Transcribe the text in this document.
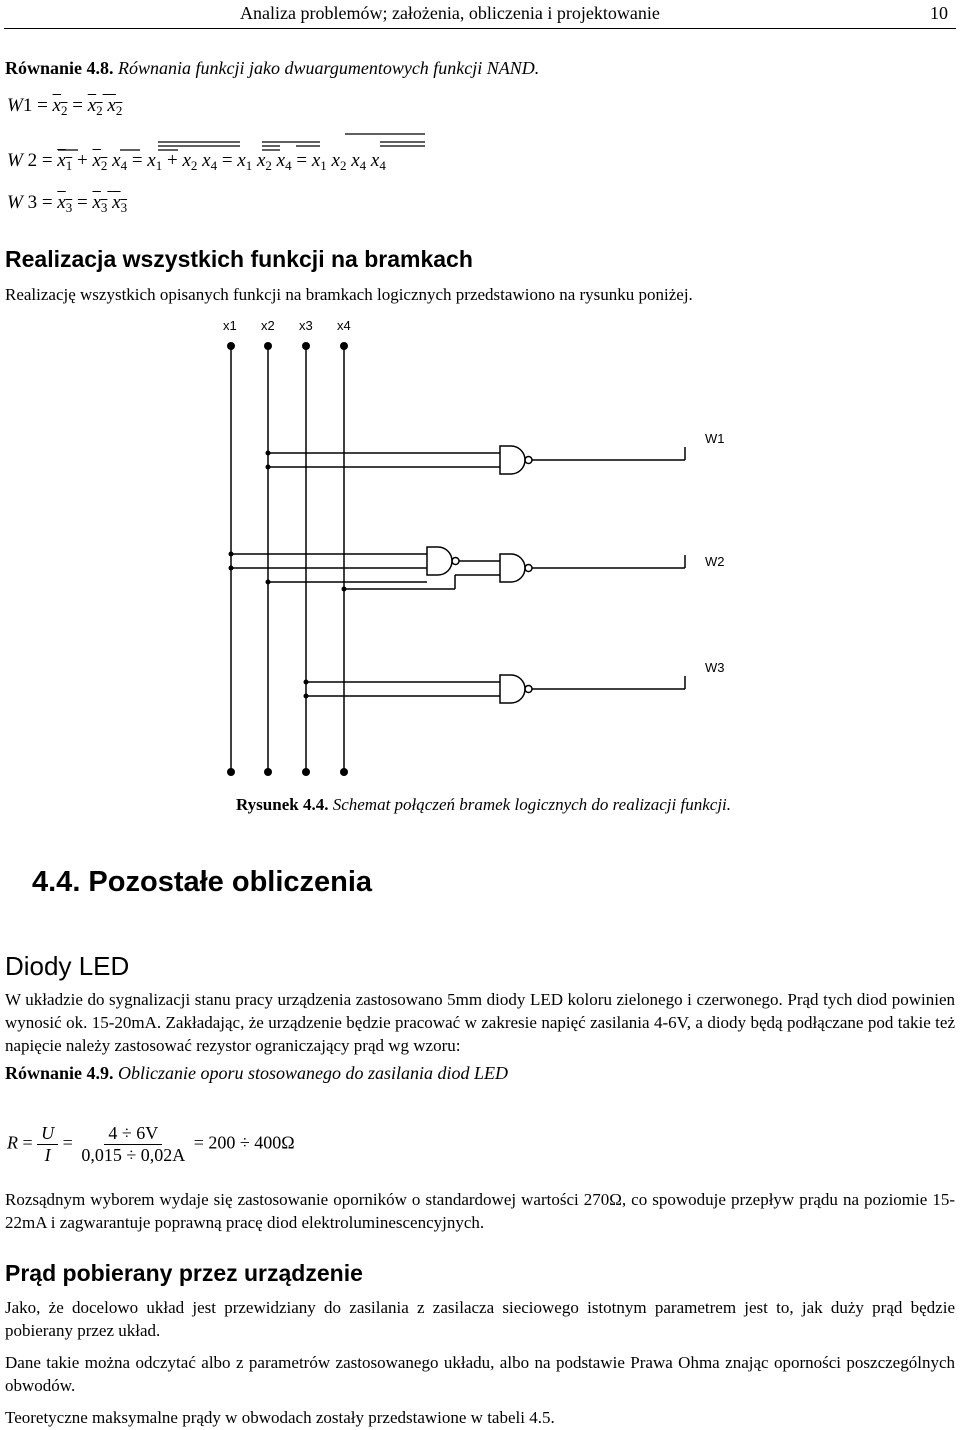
Analiza problemów; założenia, obliczenia i projektowanie	10
Równanie 4.8. Równania funkcji jako dwuargumentowych funkcji NAND.
$W1 = x_2 = x_2$ $x_2$
W $2 = x_1 + x_2$ $x_4 = x_1 + x_2$ $x_4 = x_1$ $x_2$ $x_4 = x_1$ $x_2$ $x_4$ $x_4$
W $3 = x_3 = x_3$ $x_3$
Realizacja wszystkich funkcji na bramkach
Realizację wszystkich opisanych funkcji na bramkach logicznych przedstawiono na rysunku poniżej.
x1 x2 x3 x4
W1
W2
W3
Rysunek 4.4. Schemat połączeń bramek logicznych do realizacji funkcji.
4.4. Pozostałe obliczenia
Diody LED
W układzie do sygnalizacji stanu pracy urządzenia zastosowano 5mm diody LED koloru zielonego i czerwonego. Prąd tych diod powinien wynosić ok. 15-20mA. Zakładając, że urządzenie będzie pracować w zakresie napięć zasilania 4-6V, a diody będą podłączane pod takie też napięcie należy zastosować rezystor ograniczający prąd wg wzoru:
Równanie 4.9. Obliczanie oporu stosowanego do zasilania diod LED
$R = \frac{U}{I} = \frac{4 \div 6V}{0,015 \div 0,02A} = 200 \div 400\Omega$
Rozsądnym wyborem wydaje się zastosowanie oporników o standardowej wartości 270Ω, co spowoduje przepływ prądu na poziomie 15-22mA i zagwarantuje poprawną pracę diod elektroluminescencyjnych.
Prąd pobierany przez urządzenie
Jako, że docelowo układ jest przewidziany do zasilania z zasilacza sieciowego istotnym parametrem jest to, jak duży prąd będzie pobierany przez układ.
Dane takie można odczytać albo z parametrów zastosowanego układu, albo na podstawie Prawa Ohma znając oporności poszczególnych obwodów.
Teoretyczne maksymalne prądy w obwodach zostały przedstawione w tabeli 4.5.
